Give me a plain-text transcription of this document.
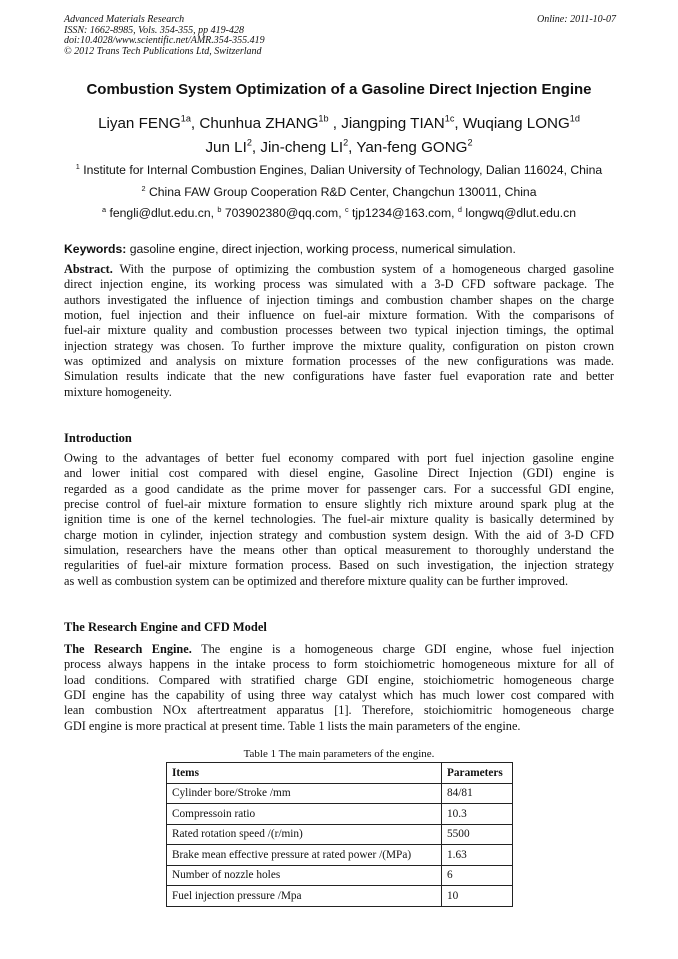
Advanced Materials Research
ISSN: 1662-8985, Vols. 354-355, pp 419-428
doi:10.4028/www.scientific.net/AMR.354-355.419
© 2012 Trans Tech Publications Ltd, Switzerland
Online: 2011-10-07
Combustion System Optimization of a Gasoline Direct Injection Engine
Liyan $FENG^{1a}$, Chunhua $ZHANG^{1b}$ , Jiangping $TIAN^{1c}$, Wuqiang $LONG^{1d}$
Jun $LI^2$, Jin-cheng $LI^2$, Yan-feng GONG$^2$
$^1$ Institute for Internal Combustion Engines, Dalian University of Technology, Dalian 116024, China
$^2$ China FAW Group Cooperation R&D Center, Changchun 130011, China
$^a$ fengli@dlut.edu.cn, $^b$ 703902380@qq.com, $^c$ tjp1234@163.com, $^d$ longwq@dlut.edu.cn
Keywords: gasoline engine, direct injection, working process, numerical simulation.
Abstract. With the purpose of optimizing the combustion system of a homogeneous charged gasoline
direct injection engine, its working process was simulated with a 3-D CFD software package. The
authors investigated the influence of injection timings and combustion chamber shapes on the charge
motion, fuel injection and their influence on fuel-air mixture formation. With the comparisons of
fuel-air mixture quality and combustion processes between two typical injection timings, the optimal
injection strategy was chosen. To further improve the mixture quality, configuration on piston crown
was optimized and analysis on mixture formation processes of the new configurations was made.
Simulation results indicate that the new configurations have faster fuel evaporation rate and better
mixture homogeneity.
Introduction
Owing to the advantages of better fuel economy compared with port fuel injection gasoline engine
and lower initial cost compared with diesel engine, Gasoline Direct Injection (GDI) engine is
regarded as a good candidate as the prime mover for passenger cars. For a successful GDI engine,
precise control of fuel-air mixture formation to ensure slightly rich mixture around spark plug at the
ignition time is one of the kernel technologies. The fuel-air mixture quality is basically determined by
charge motion in cylinder, injection strategy and combustion system design. With the aid of 3-D CFD
simulation, researchers have the means other than optical measurement to thoroughly understand the
regularities of fuel-air mixture formation process. Based on such investigation, the injection strategy
as well as combustion system can be optimized and therefore mixture quality can be further improved.
The Research Engine and CFD Model
The Research Engine. The engine is a homogeneous charge GDI engine, whose fuel injection
process always happens in the intake process to form stoichiometric homogeneous mixture for all of
load conditions. Compared with stratified charge GDI engine, stoichiometric homogeneous charge
GDI engine has the capability of using three way catalyst which has much lower cost compared with
lean combustion NOx aftertreatment apparatus [1]. Therefore, stoichiomitric homogeneous charge
GDI engine is more practical at present time. Table 1 lists the main parameters of the engine.
Table 1 The main parameters of the engine.
Items	Parameters
Cylinder bore/Stroke /mm	84/81
Compressoin ratio	10.3
Rated rotation speed /(r/min)	5500
Brake mean effective pressure at rated power /(MPa)	1.63
Number of nozzle holes	6
Fuel injection pressure /Mpa	10
